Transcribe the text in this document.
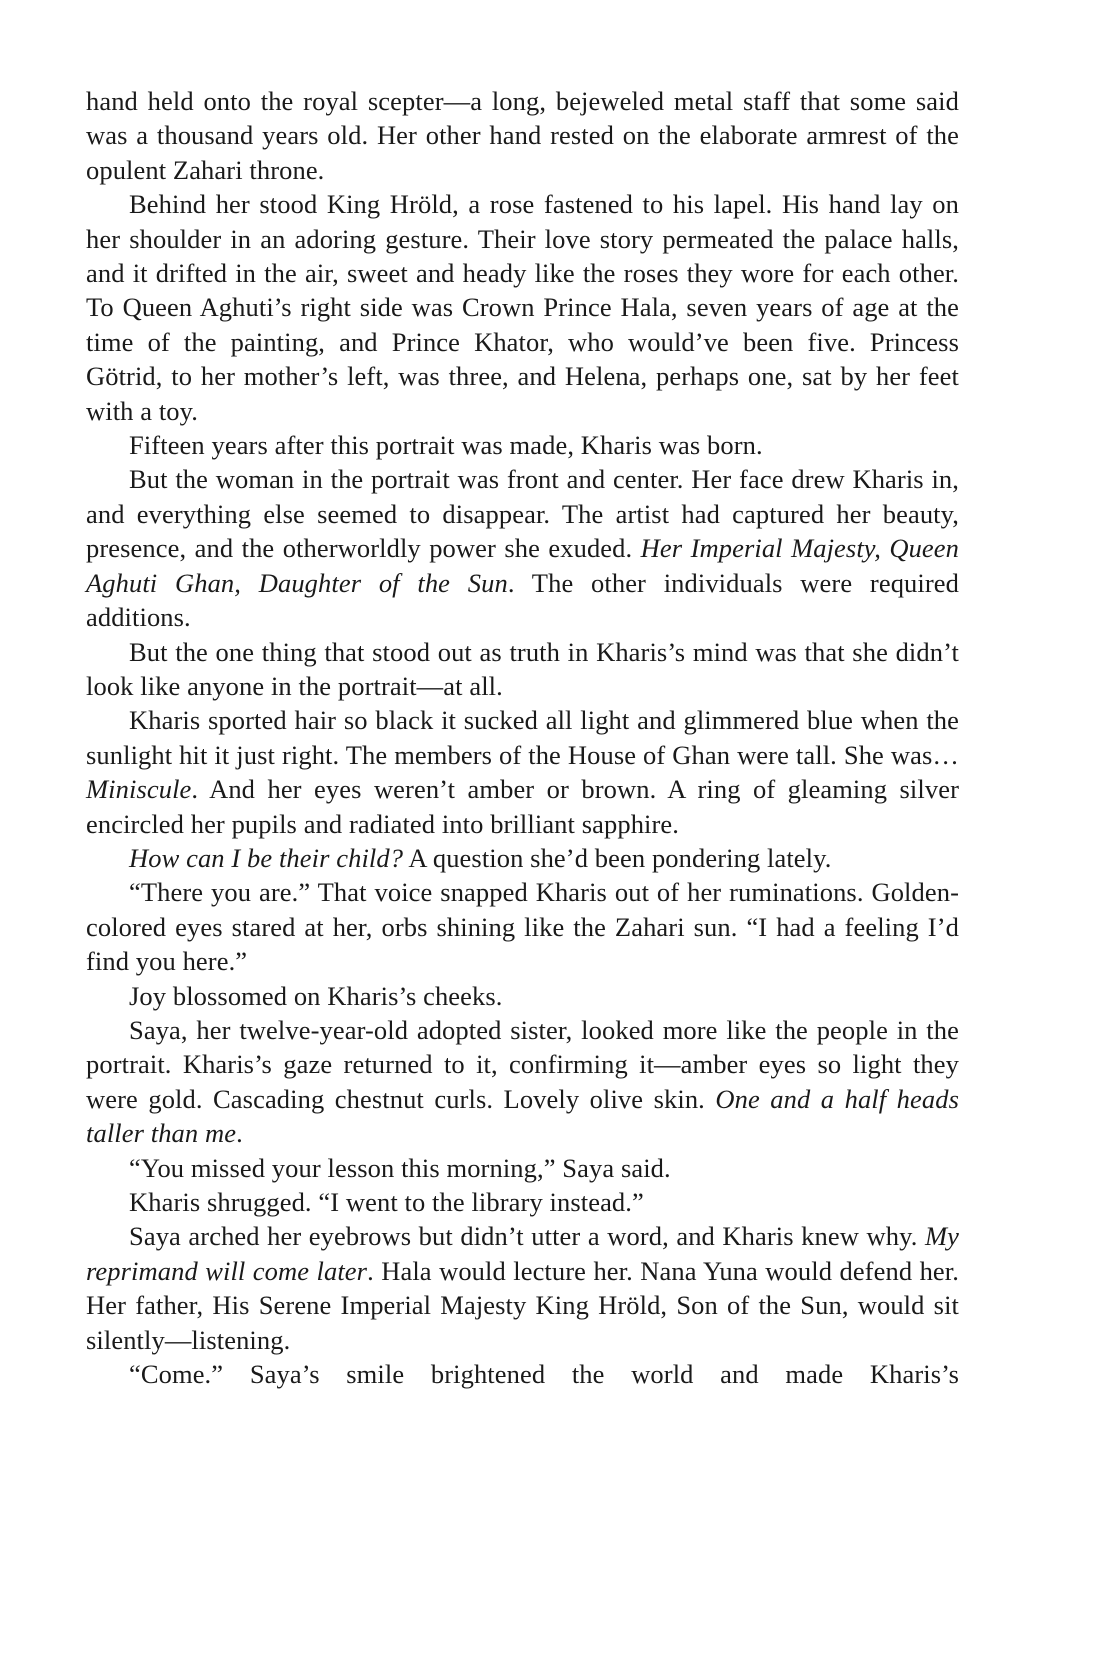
hand held onto the royal scepter—a long, bejeweled metal staff that some said was a thousand years old. Her other hand rested on the elaborate armrest of the opulent Zahari throne.

Behind her stood King Hröld, a rose fastened to his lapel. His hand lay on her shoulder in an adoring gesture. Their love story permeated the palace halls, and it drifted in the air, sweet and heady like the roses they wore for each other. To Queen Aghuti’s right side was Crown Prince Hala, seven years of age at the time of the painting, and Prince Khator, who would’ve been five. Princess Götrid, to her mother’s left, was three, and Helena, perhaps one, sat by her feet with a toy.

Fifteen years after this portrait was made, Kharis was born.

But the woman in the portrait was front and center. Her face drew Kharis in, and everything else seemed to disappear. The artist had captured her beauty, presence, and the otherworldly power she exuded. Her Imperial Majesty, Queen Aghuti Ghan, Daughter of the Sun. The other individuals were required additions.

But the one thing that stood out as truth in Kharis’s mind was that she didn’t look like anyone in the portrait—at all.

Kharis sported hair so black it sucked all light and glimmered blue when the sunlight hit it just right. The members of the House of Ghan were tall. She was… Miniscule. And her eyes weren’t amber or brown. A ring of gleaming silver encircled her pupils and radiated into brilliant sapphire.

How can I be their child? A question she’d been pondering lately.

“There you are.” That voice snapped Kharis out of her ruminations. Golden-colored eyes stared at her, orbs shining like the Zahari sun. “I had a feeling I’d find you here.”

Joy blossomed on Kharis’s cheeks.

Saya, her twelve-year-old adopted sister, looked more like the people in the portrait. Kharis’s gaze returned to it, confirming it—amber eyes so light they were gold. Cascading chestnut curls. Lovely olive skin. One and a half heads taller than me.

“You missed your lesson this morning,” Saya said.

Kharis shrugged. “I went to the library instead.”

Saya arched her eyebrows but didn’t utter a word, and Kharis knew why. My reprimand will come later. Hala would lecture her. Nana Yuna would defend her. Her father, His Serene Imperial Majesty King Hröld, Son of the Sun, would sit silently—listening.

“Come.” Saya’s smile brightened the world and made Kharis’s
